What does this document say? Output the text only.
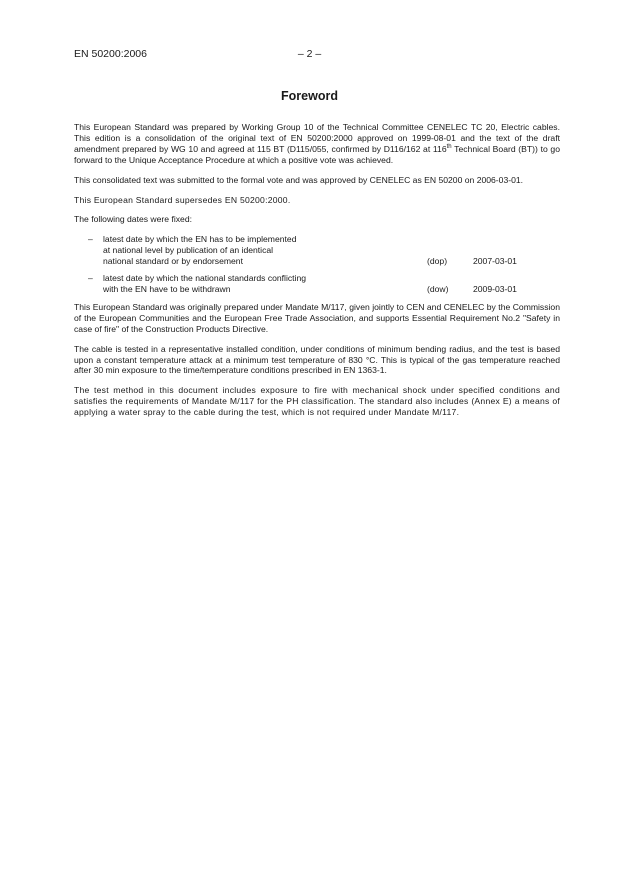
EN 50200:2006	– 2 –
Foreword

This European Standard was prepared by Working Group 10 of the Technical Committee CENELEC TC 20, Electric cables. This edition is a consolidation of the original text of EN 50200:2000 approved on 1999-08-01 and the text of the draft amendment prepared by WG 10 and agreed at 115 BT (D115/055, confirmed by D116/162 at 116th Technical Board (BT)) to go forward to the Unique Acceptance Procedure at which a positive vote was achieved.

This consolidated text was submitted to the formal vote and was approved by CENELEC as EN 50200 on 2006-03-01.

This European Standard supersedes EN 50200:2000.

The following dates were fixed:

– latest date by which the EN has to be implemented
at national level by publication of an identical
national standard or by endorsement	(dop)	2007-03-01
– latest date by which the national standards conflicting
with the EN have to be withdrawn	(dow)	2009-03-01

This European Standard was originally prepared under Mandate M/117, given jointly to CEN and CENELEC by the Commission of the European Communities and the European Free Trade Association, and supports Essential Requirement No.2 "Safety in case of fire" of the Construction Products Directive.

The cable is tested in a representative installed condition, under conditions of minimum bending radius, and the test is based upon a constant temperature attack at a minimum test temperature of 830 °C. This is typical of the gas temperature reached after 30 min exposure to the time/temperature conditions prescribed in EN 1363-1.

The test method in this document includes exposure to fire with mechanical shock under specified conditions and satisfies the requirements of Mandate M/117 for the PH classification. The standard also includes (Annex E) a means of applying a water spray to the cable during the test, which is not required under Mandate M/117.
